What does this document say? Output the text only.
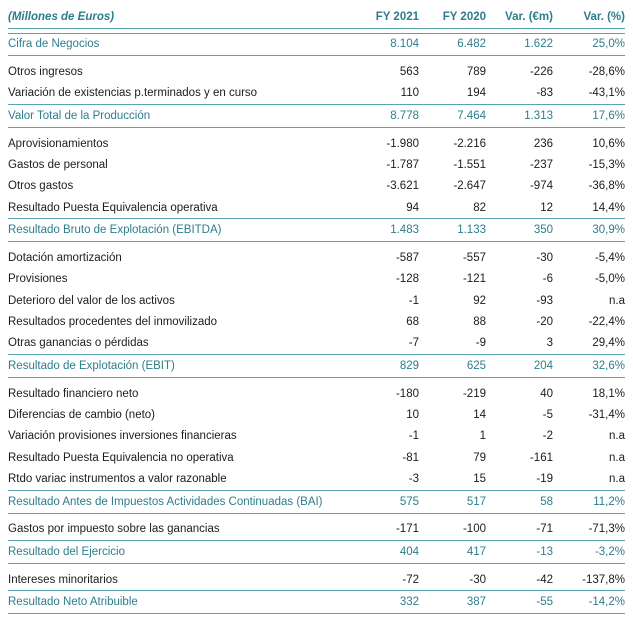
(Millones de Euros)	FY 2021	FY 2020	Var. (€m)	Var. (%)
Cifra de Negocios	8.104	6.482	1.622	25,0%
Otros ingresos	563	789	-226	-28,6%
Variación de existencias p.terminados y en curso	110	194	-83	-43,1%
Valor Total de la Producción	8.778	7.464	1.313	17,6%
Aprovisionamientos	-1.980	-2.216	236	10,6%
Gastos de personal	-1.787	-1.551	-237	-15,3%
Otros gastos	-3.621	-2.647	-974	-36,8%
Resultado Puesta Equivalencia operativa	94	82	12	14,4%
Resultado Bruto de Explotación (EBITDA)	1.483	1.133	350	30,9%
Dotación amortización	-587	-557	-30	-5,4%
Provisiones	-128	-121	-6	-5,0%
Deterioro del valor de los activos	-1	92	-93	n.a
Resultados procedentes del inmovilizado	68	88	-20	-22,4%
Otras ganancias o pérdidas	-7	-9	3	29,4%
Resultado de Explotación (EBIT)	829	625	204	32,6%
Resultado financiero neto	-180	-219	40	18,1%
Diferencias de cambio (neto)	10	14	-5	-31,4%
Variación provisiones inversiones financieras	-1	1	-2	n.a
Resultado Puesta Equivalencia no operativa	-81	79	-161	n.a
Rtdo variac instrumentos a valor razonable	-3	15	-19	n.a
Resultado Antes de Impuestos Actividades Continuadas (BAI)	575	517	58	11,2%
Gastos por impuesto sobre las ganancias	-171	-100	-71	-71,3%
Resultado del Ejercicio	404	417	-13	-3,2%
Intereses minoritarios	-72	-30	-42	-137,8%
Resultado Neto Atribuible	332	387	-55	-14,2%
